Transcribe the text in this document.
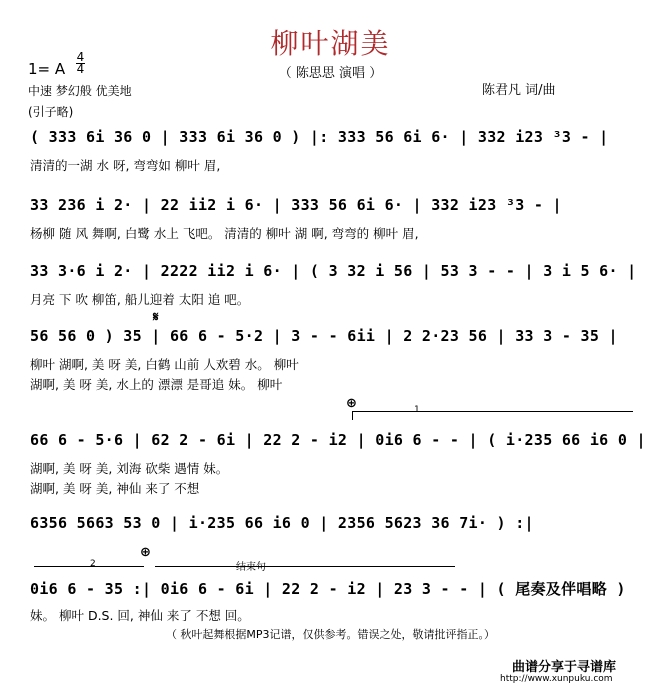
柳叶湖美
（ 陈思思 演唱 ）
1= A
4
4
中速 梦幻般 优美地
(引子略)
陈君凡 词/曲
( 333 6i 36 0 | 333 6i 36 0 ) |: 333 56 6i 6· | 332 i23 ³3 - |
清清的一湖 水 呀, 弯弯如 柳叶 眉,
33 236 i 2· | 22 ii2 i 6· | 333 56 6i 6· | 332 i23 ³3 - |
杨柳 随 风 舞啊, 白鹭 水上 飞吧。 清清的 柳叶 湖 啊, 弯弯的 柳叶 眉,
33 3·6 i 2· | 2222 ii2 i 6· | ( 3 32 i 56 | 53 3 - - | 3 i 5 6· |
月亮 下 吹 柳笛, 船儿迎着 太阳 追 吧。
𝄋
56 56 0 ) 35 | 66 6 - 5·2 | 3 - - 6ii | 2 2·23 56 | 33 3 - 35 |
柳叶 湖啊, 美 呀 美, 白鹤 山前 人欢碧 水。 柳叶
湖啊, 美 呀 美, 水上的 漂漂 是哥追 妹。 柳叶
⊕	1
66 6 - 5·6 | 62 2 - 6i | 22 2 - i2 | 0i6 6 - - | ( i·235 66 i6 0 |
湖啊, 美 呀 美, 刘海 砍柴 遇情 妹。
湖啊, 美 呀 美, 神仙 来了 不想
6356 5663 53 0 | i·235 66 i6 0 | 2356 5623 36 7i· ) :|
2
⊕
结束句
0i6 6 - 35 :| 0i6 6 - 6i | 22 2 - i2 | 23 3 - - | ( 尾奏及伴唱略 )
妹。 柳叶 D.S. 回, 神仙 来了 不想 回。
（ 秋叶起舞根据MP3记谱，仅供参考。错误之处，敬请批评指正。）
曲谱分享于寻谱库
http://www.xunpuku.com
